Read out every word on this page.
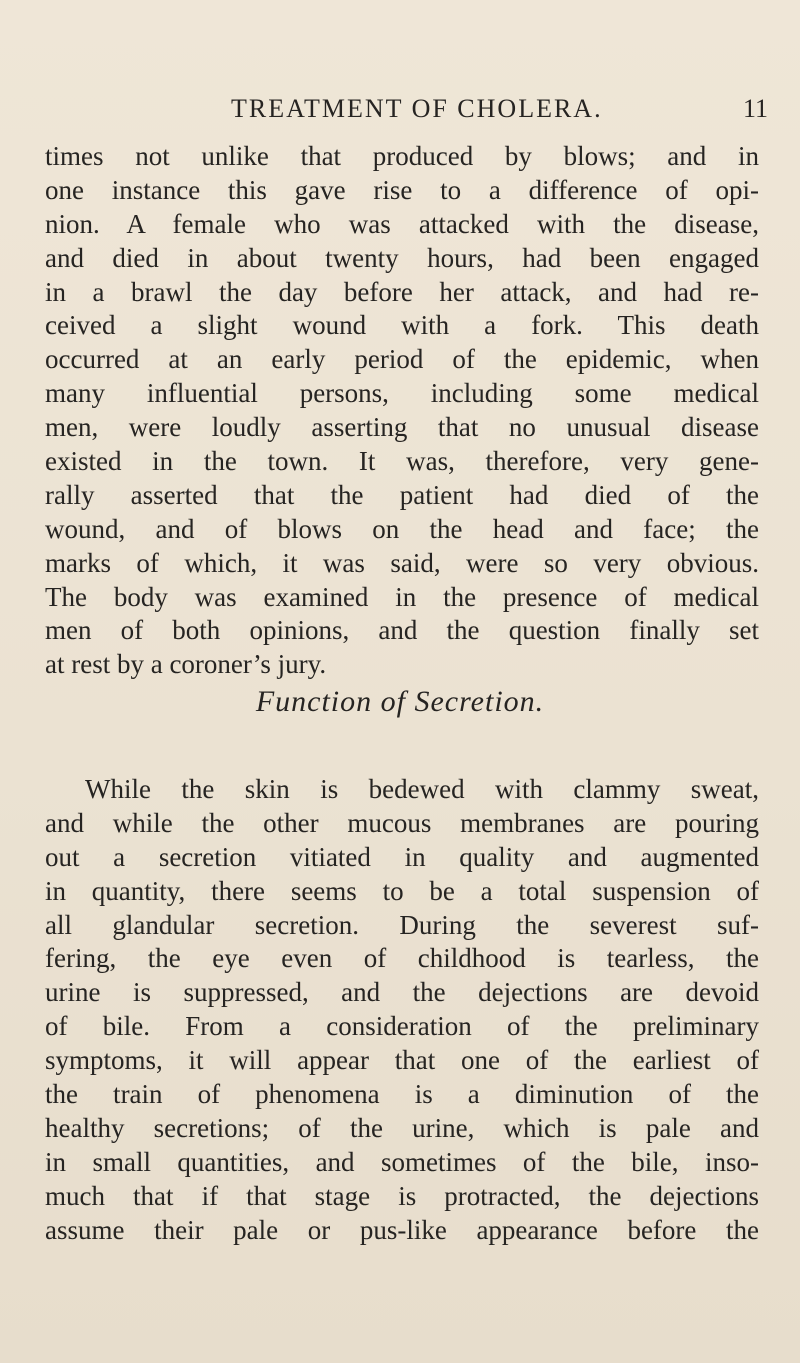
TREATMENT OF CHOLERA.	11
times not unlike that produced by blows; and in
one instance this gave rise to a difference of opi-
nion. A female who was attacked with the disease,
and died in about twenty hours, had been engaged
in a brawl the day before her attack, and had re-
ceived a slight wound with a fork. This death
occurred at an early period of the epidemic, when
many influential persons, including some medical
men, were loudly asserting that no unusual disease
existed in the town. It was, therefore, very gene-
rally asserted that the patient had died of the
wound, and of blows on the head and face; the
marks of which, it was said, were so very obvious.
The body was examined in the presence of medical
men of both opinions, and the question finally set
at rest by a coroner’s jury.
Function of Secretion.
While the skin is bedewed with clammy sweat,
and while the other mucous membranes are pouring
out a secretion vitiated in quality and augmented
in quantity, there seems to be a total suspension of
all glandular secretion. During the severest suf-
fering, the eye even of childhood is tearless, the
urine is suppressed, and the dejections are devoid
of bile. From a consideration of the preliminary
symptoms, it will appear that one of the earliest of
the train of phenomena is a diminution of the
healthy secretions; of the urine, which is pale and
in small quantities, and sometimes of the bile, inso-
much that if that stage is protracted, the dejections
assume their pale or pus-like appearance before the
